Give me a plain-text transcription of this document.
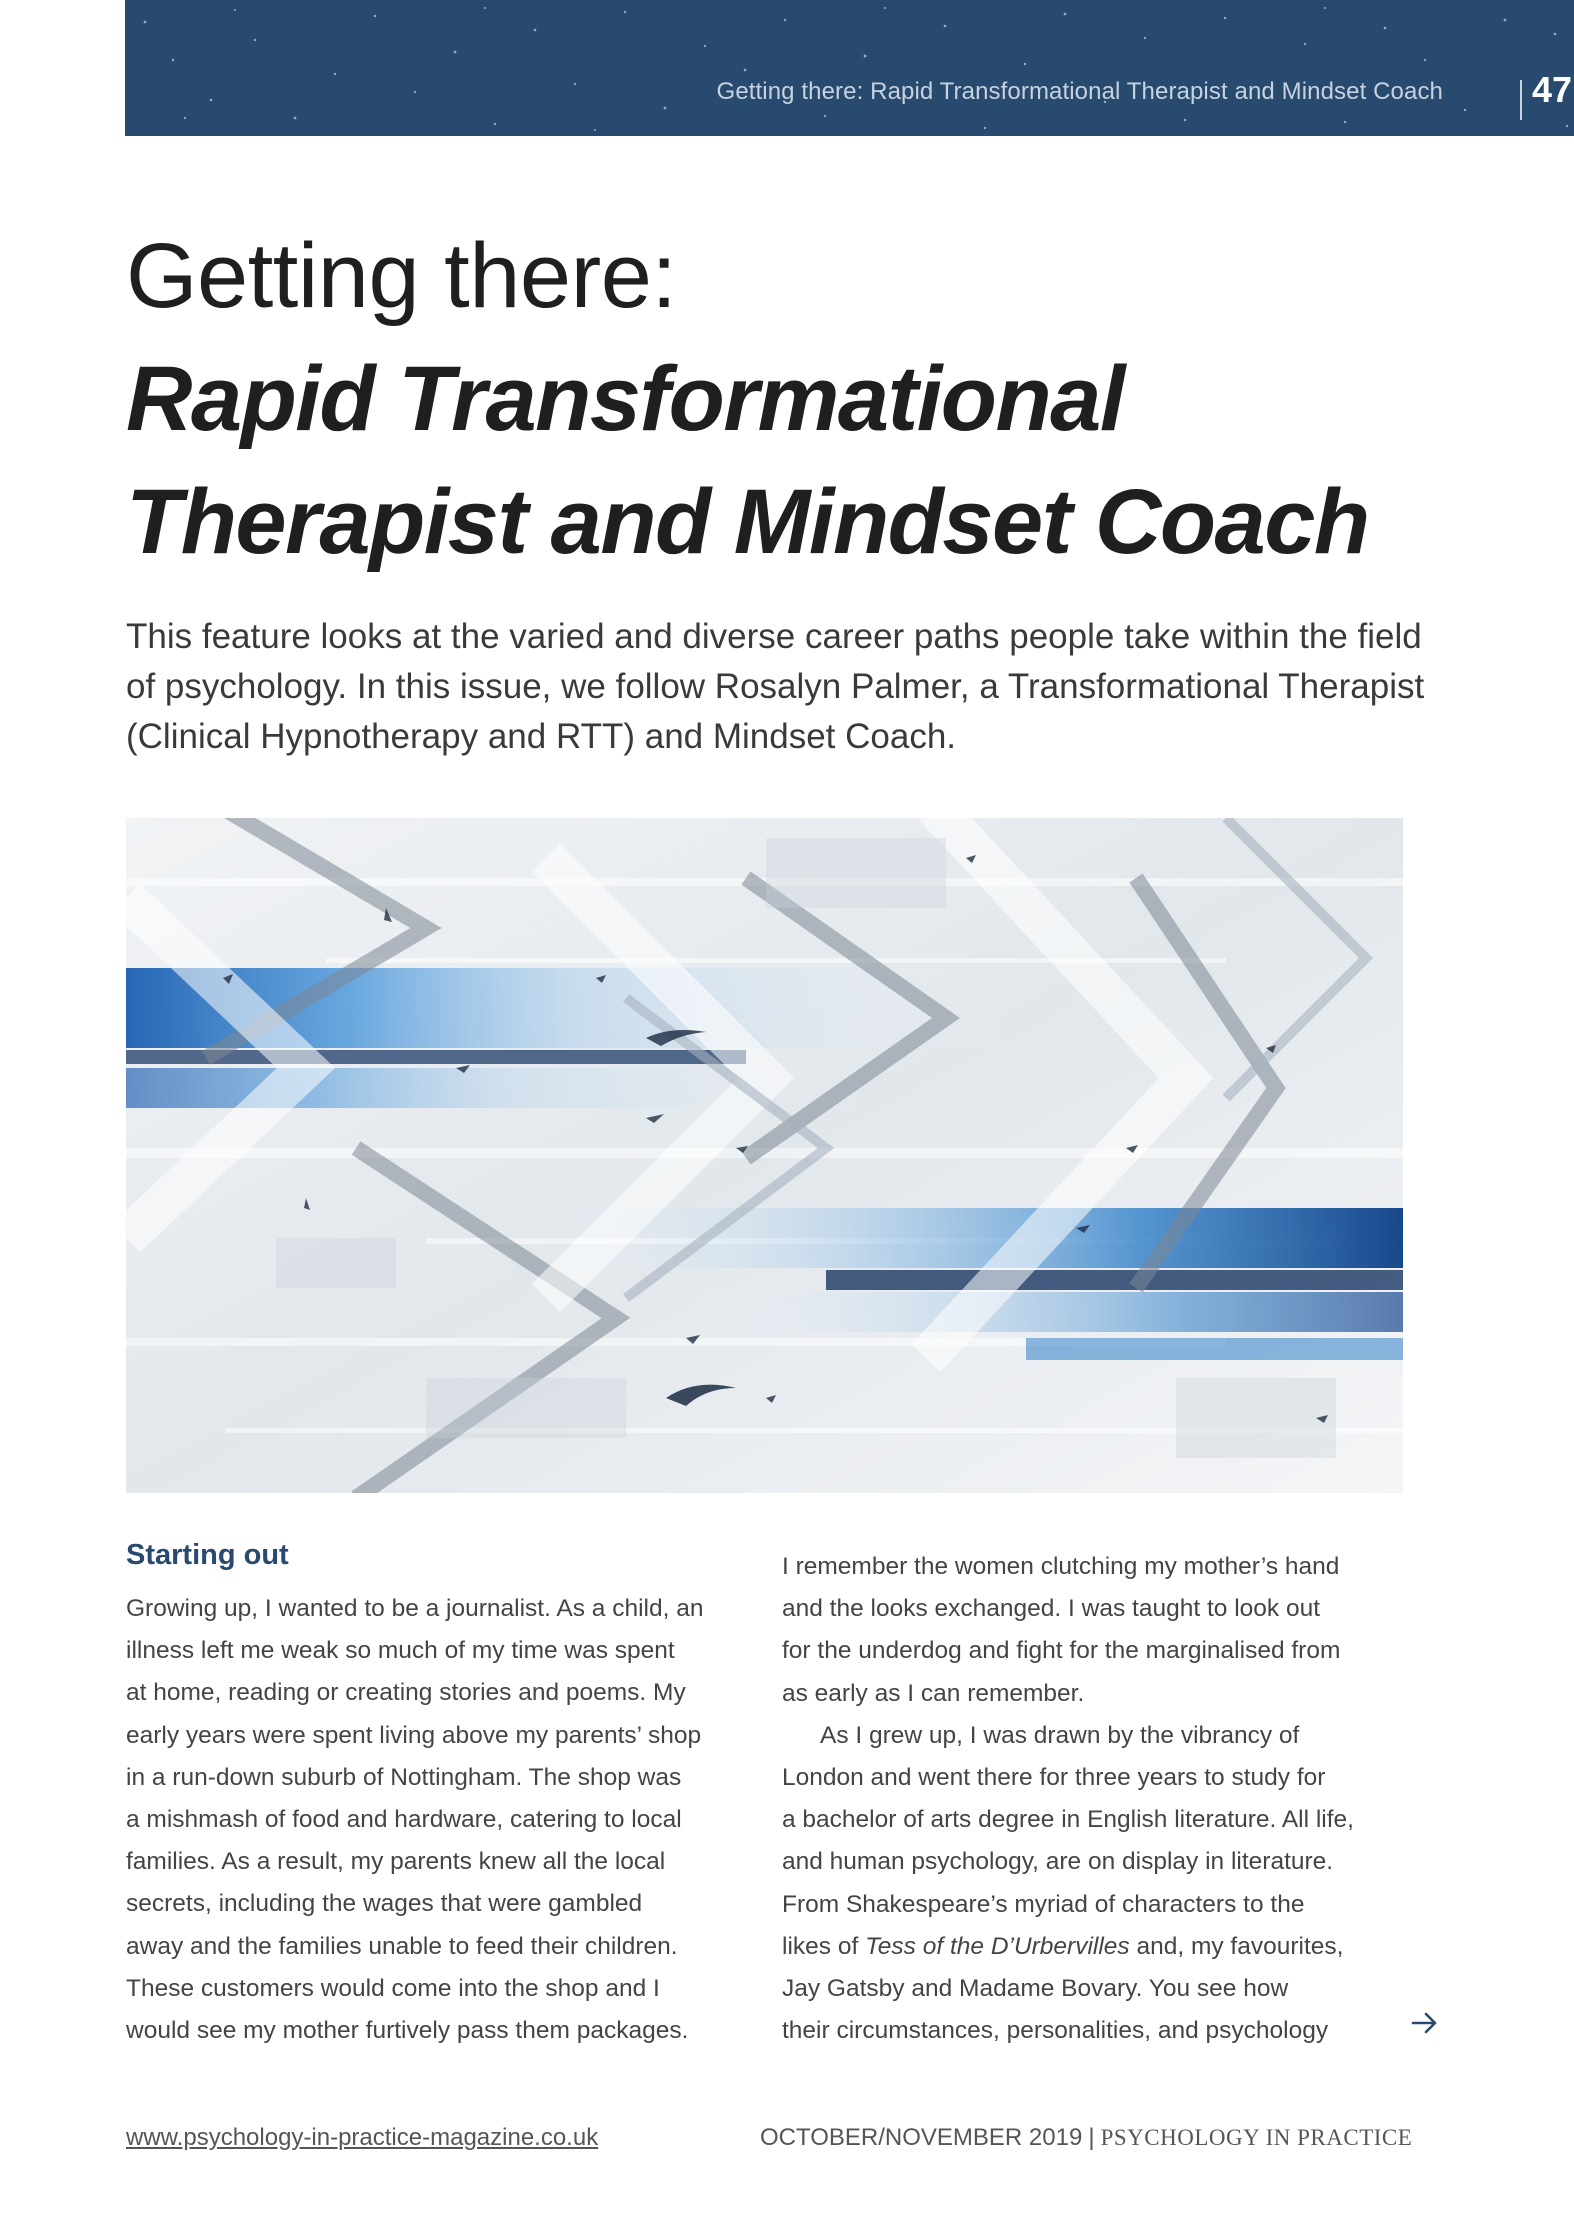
Getting there: Rapid Transformational Therapist and Mindset Coach 47
Getting there:
Rapid Transformational
Therapist and Mindset Coach
This feature looks at the varied and diverse career paths people take within the field of psychology. In this issue, we follow Rosalyn Palmer, a Transformational Therapist (Clinical Hypnotherapy and RTT) and Mindset Coach.
Starting out
Growing up, I wanted to be a journalist. As a child, an
illness left me weak so much of my time was spent
at home, reading or creating stories and poems. My
early years were spent living above my parents’ shop
in a run-down suburb of Nottingham. The shop was
a mishmash of food and hardware, catering to local
families. As a result, my parents knew all the local
secrets, including the wages that were gambled
away and the families unable to feed their children.
These customers would come into the shop and I
would see my mother furtively pass them packages.
I remember the women clutching my mother’s hand
and the looks exchanged. I was taught to look out
for the underdog and fight for the marginalised from
as early as I can remember.
As I grew up, I was drawn by the vibrancy of
London and went there for three years to study for
a bachelor of arts degree in English literature. All life,
and human psychology, are on display in literature.
From Shakespeare’s myriad of characters to the
likes of Tess of the D’Urbervilles and, my favourites,
Jay Gatsby and Madame Bovary. You see how
their circumstances, personalities, and psychology
www.psychology-in-practice-magazine.co.uk	OCTOBER/NOVEMBER 2019 | PSYCHOLOGY IN PRACTICE
